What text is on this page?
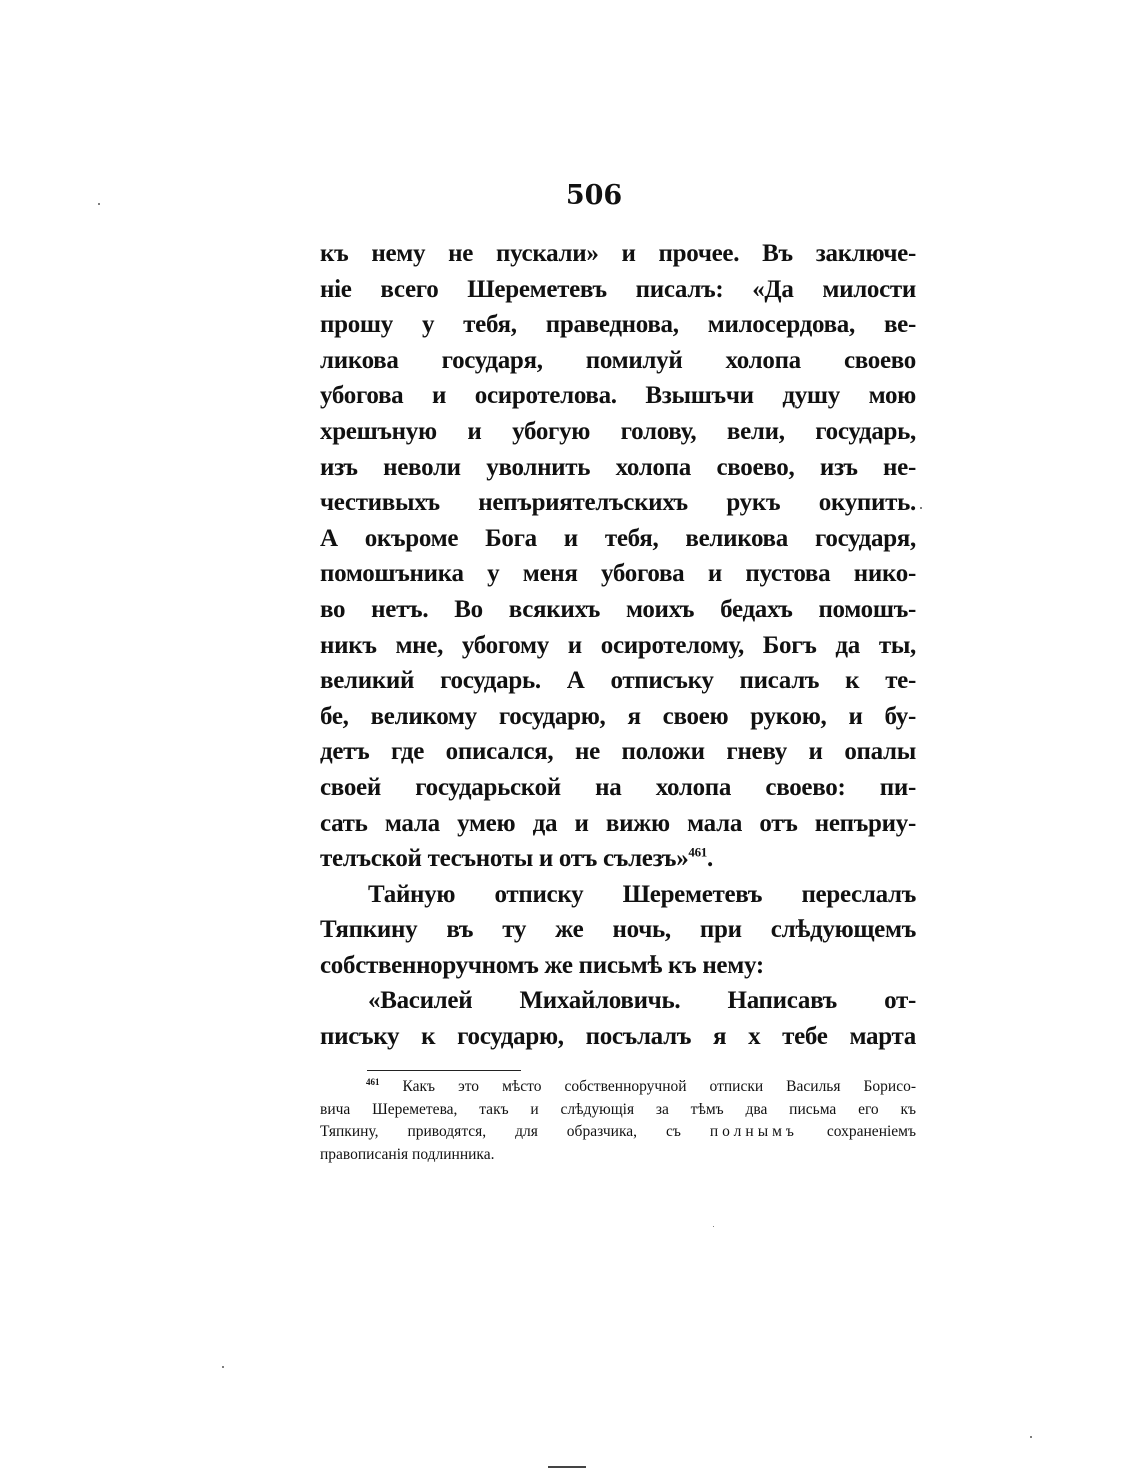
506
къ нему не пускали» и прочее. Въ заключе-
ніе всего Шереметевъ писалъ: «Да милости
прошу у тебя, праведнова, милосердова, ве-
ликова государя, помилуй холопа своево
убогова и осиротелова. Взышъчи душу мою
хрешъную и убогую голову, вели, государь,
изъ неволи уволнить холопа своево, изъ не-
честивыхъ непъриятелъскихъ рукъ окупить.
А окъроме Бога и тебя, великова государя,
помошъника у меня убогова и пустова нико-
во нетъ. Во всякихъ моихъ бедахъ помошъ-
никъ мне, убогому и осиротелому, Богъ да ты,
великий государь. А отписъку писалъ к те-
бе, великому государю, я своею рукою, и бу-
детъ где описался, не положи гневу и опалы
своей государьской на холопа своево: пи-
сать мала умею да и вижю мала отъ непъриу-
телъской тесъноты и отъ сълезъ»$^{461}$.
Тайную отписку Шереметевъ переслалъ
Тяпкину въ ту же ночь, при слѣдующемъ
собственноручномъ же письмѣ къ нему:
«Василей Михайловичь. Написавъ от-
писъку к государю, посълалъ я х тебе марта
$^{461}$ Какъ это мѣсто собственноручной отписки Василья Борисо-
вича Шереметева, такъ и слѣдующія за тѣмъ два письма его къ
Тяпкину, приводятся, для образчика, съ полнымъ сохраненіемъ
правописанія подлинника.
